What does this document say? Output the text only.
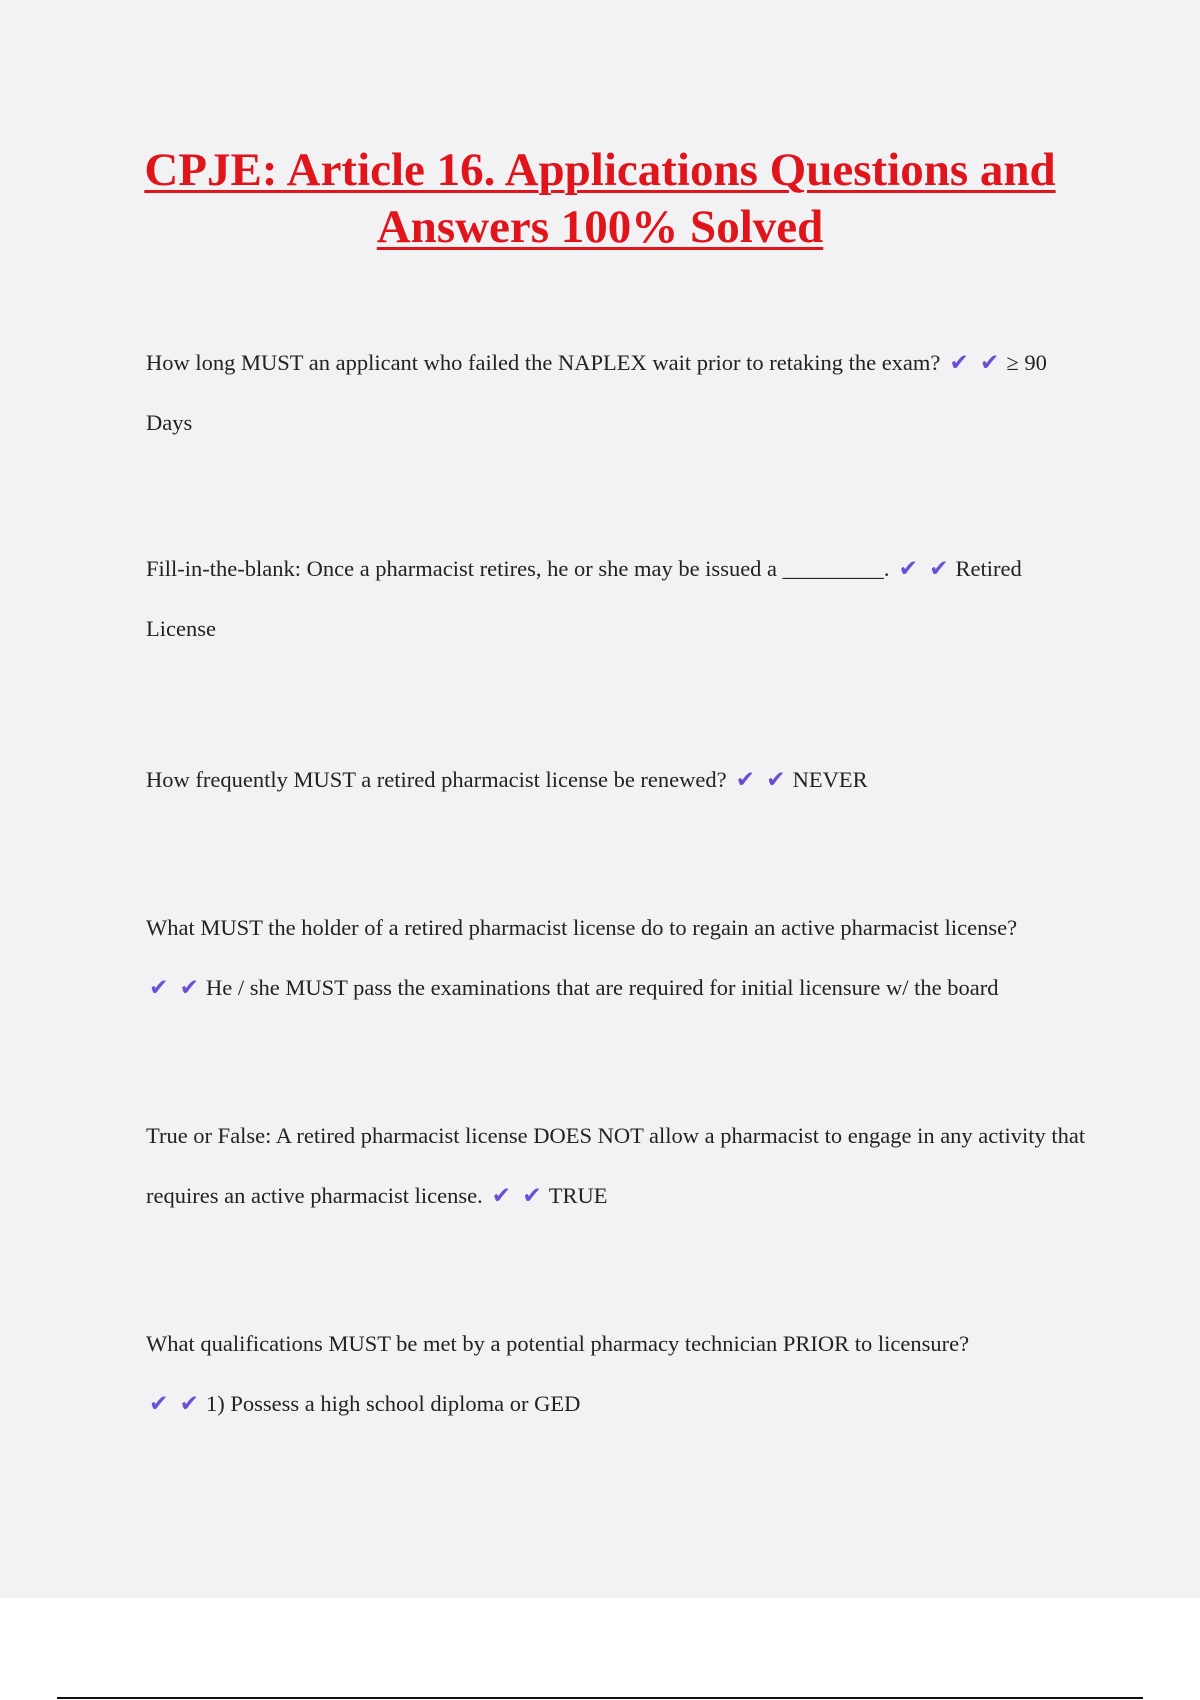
CPJE: Article 16. Applications Questions and
Answers 100% Solved

How long MUST an applicant who failed the NAPLEX wait prior to retaking the exam? ✔ ✔ ≥ 90 Days

Fill-in-the-blank: Once a pharmacist retires, he or she may be issued a _________. ✔ ✔ Retired License

How frequently MUST a retired pharmacist license be renewed? ✔ ✔ NEVER

What MUST the holder of a retired pharmacist license do to regain an active pharmacist license?
✔ ✔ He / she MUST pass the examinations that are required for initial licensure w/ the board

True or False: A retired pharmacist license DOES NOT allow a pharmacist to engage in any activity that requires an active pharmacist license. ✔ ✔ TRUE

What qualifications MUST be met by a potential pharmacy technician PRIOR to licensure?
✔ ✔ 1) Possess a high school diploma or GED
